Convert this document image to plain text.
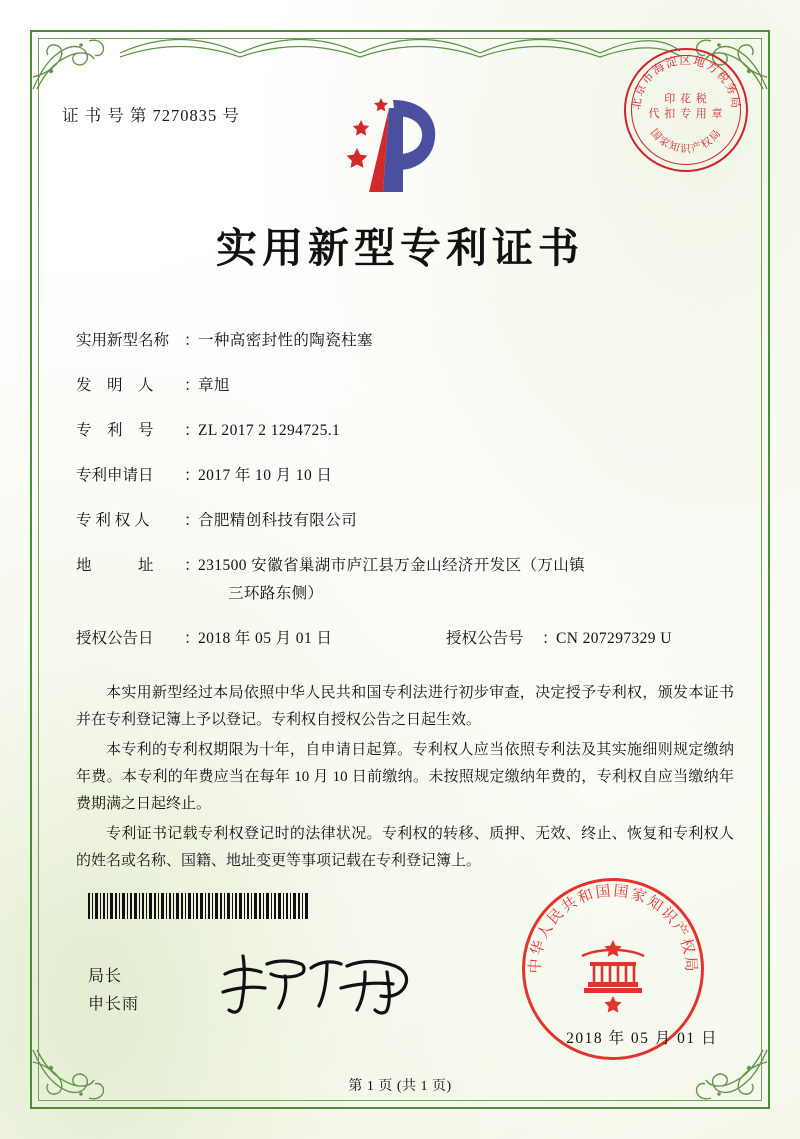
证 书 号 第 7270835 号
北京市海淀区地方税务局
国家知识产权局
印 花 税
代 扣 专 用 章
实用新型专利证书
实用新型名称 ：
一种高密封性的陶瓷柱塞
发　明　人	：
章旭
专　利　号	：
ZL 2017 2 1294725.1
专利申请日	：
2017 年 10 月 10 日
专 利 权 人	：
合肥精创科技有限公司
地　　　址	：
231500 安徽省巢湖市庐江县万金山经济开发区（万山镇
三环路东侧）
授权公告日	：
2018 年 05 月 01 日	授权公告号	：
CN 207297329 U

本实用新型经过本局依照中华人民共和国专利法进行初步审查，决定授予专利权，颁发本证书并在专利登记簿上予以登记。专利权自授权公告之日起生效。

本专利的专利权期限为十年，自申请日起算。专利权人应当依照专利法及其实施细则规定缴纳年费。本专利的年费应当在每年 10 月 10 日前缴纳。未按照规定缴纳年费的，专利权自应当缴纳年费期满之日起终止。

专利证书记载专利权登记时的法律状况。专利权的转移、质押、无效、终止、恢复和专利权人的姓名或名称、国籍、地址变更等事项记载在专利登记簿上。

局长
申长雨
中华人民共和国国家知识产权局
2018 年 05 月 01 日
第 1 页 (共 1 页)
